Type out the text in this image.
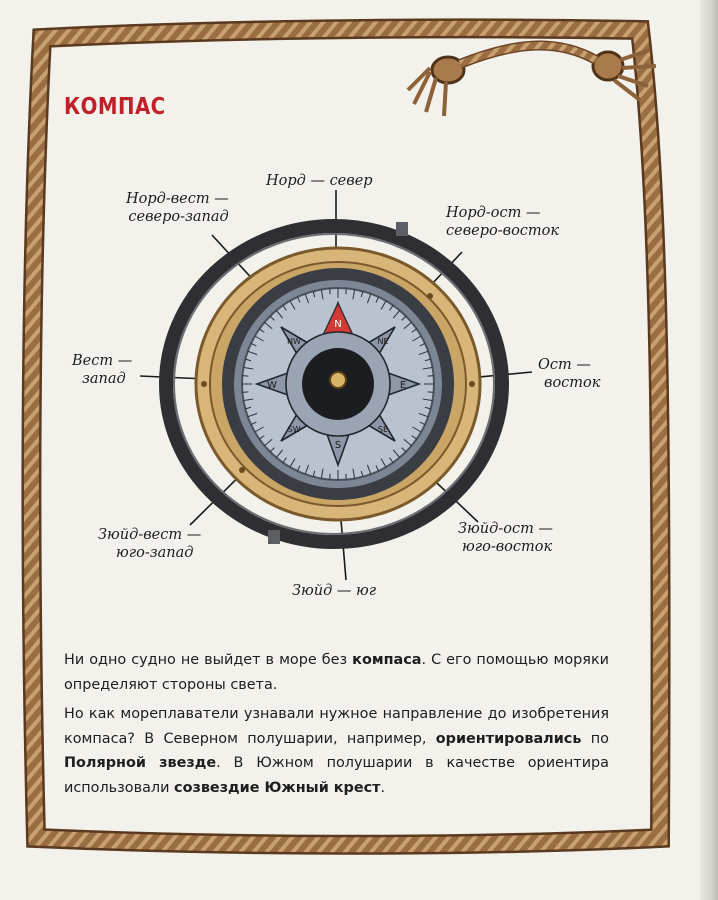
КОМПАС
N
S
E
W
NW	NE
SW	SE
Норд — север
Норд-вест —
северо-запад	Норд-ост —
северо-восток
Вест —
запад
Ост —
восток
Зюйд-вест —
юго-запад
Зюйд-ост —
юго-восток
Зюйд — юг

Ни одно судно не выйдет в море без компаса. С его помощью моряки определяют стороны света.

Но как мореплаватели узнавали нужное направление до изобретения компаса? В Северном полушарии, например, ориентировались по Полярной звезде. В Южном полушарии в качестве ориентира использовали созвездие Южный крест.
